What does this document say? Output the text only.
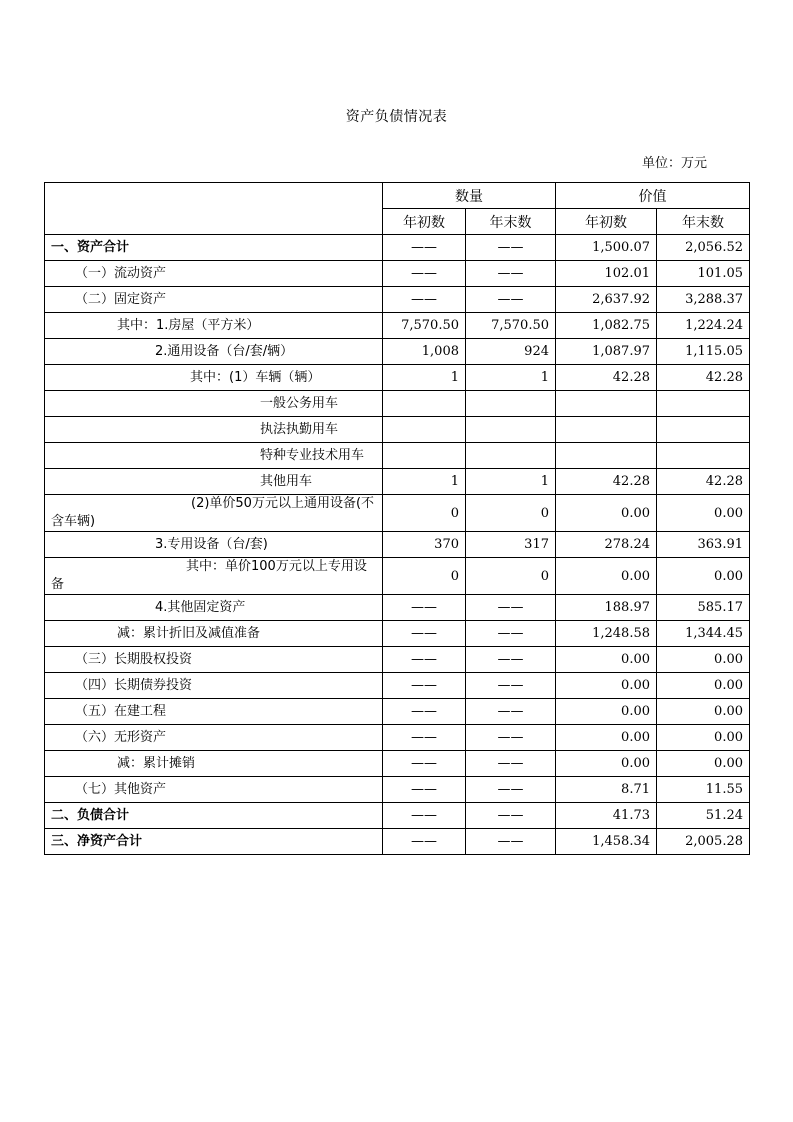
资产负债情况表
单位：万元
	数量		价值	
	年初数	年末数	年初数	年末数
一、资产合计	——	——	1,500.07	2,056.52
（一）流动资产	——	——	102.01	101.05
（二）固定资产	——	——	2,637.92	3,288.37
其中：1.房屋（平方米）	7,570.50	7,570.50	1,082.75	1,224.24
2.通用设备（台/套/辆）	1,008	924	1,087.97	1,115.05
其中：(1）车辆（辆）	1	1	42.28	42.28
一般公务用车				
执法执勤用车				
特种专业技术用车				
其他用车	1	1	42.28	42.28
(2)单价50万元以上通用设备(不含车辆)	0	0	0.00	0.00
3.专用设备（台/套)	370	317	278.24	363.91
其中：单价100万元以上专用设备	0	0	0.00	0.00
4.其他固定资产	——	——	188.97	585.17
减：累计折旧及减值准备	——	——	1,248.58	1,344.45
（三）长期股权投资	——	——	0.00	0.00
（四）长期债券投资	——	——	0.00	0.00
（五）在建工程	——	——	0.00	0.00
（六）无形资产	——	——	0.00	0.00
减：累计摊销	——	——	0.00	0.00
（七）其他资产	——	——	8.71	11.55
二、负债合计	——	——	41.73	51.24
三、净资产合计	——	——	1,458.34	2,005.28
